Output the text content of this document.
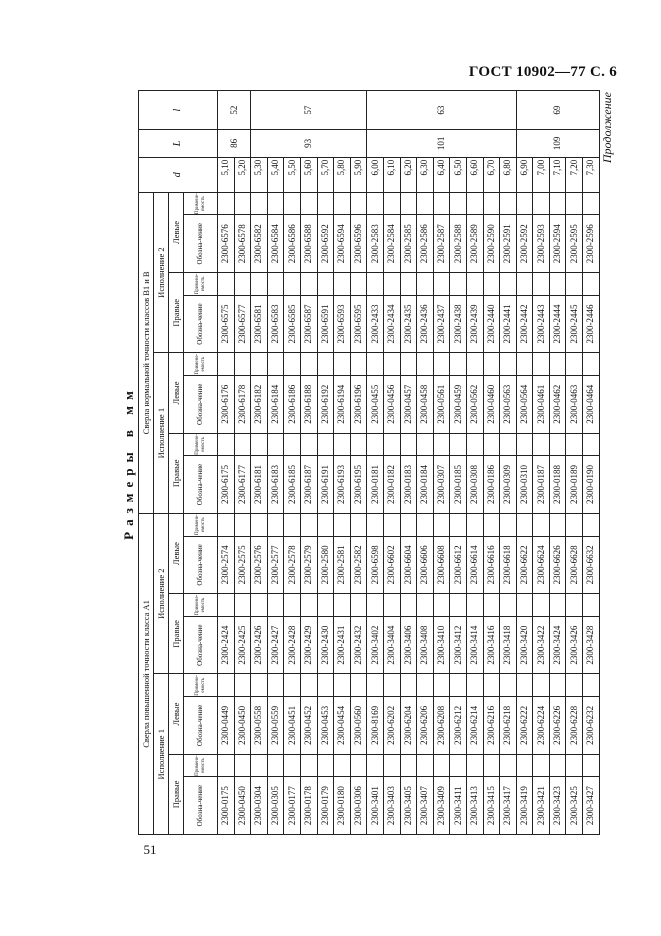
ГОСТ 10902—77 С. 6
Продолжение
51
Размеры в мм
Сверла повышенной точности класса А1								Сверла нормальной точности классов В1 и В								d	L	l
Исполнение 1				Исполнение 2				Исполнение 1				Исполнение 2						
Правые		Левые		Правые		Левые		Правые		Левые		Правые		Левые				
Обозна-чение	Примене-емость	Обозна-чение	Примене-емость	Обозна-чение	Примене-емость	Обозна-чение	Примене-емость	Обозна-чение	Примене-емость	Обозна-чение	Примене-емость	Обозна-чение	Примене-емость	Обозна-чение	Примене-емость			
2300-0175		2300-0449		2300-2424		2300-2574		2300-6175		2300-6176		2300-6575		2300-6576		5,10	86	52
2300-0450		2300-0450		2300-2425		2300-2575		2300-6177		2300-6178		2300-6577		2300-6578		5,20		
2300-0304		2300-0558		2300-2426		2300-2576		2300-6181		2300-6182		2300-6581		2300-6582		5,30	93	57
2300-0305		2300-0559		2300-2427		2300-2577		2300-6183		2300-6184		2300-6583		2300-6584		5,40		
2300-0177		2300-0451		2300-2428		2300-2578		2300-6185		2300-6186		2300-6585		2300-6586		5,50		
2300-0178		2300-0452		2300-2429		2300-2579		2300-6187		2300-6188		2300-6587		2300-6588		5,60		
2300-0179		2300-0453		2300-2430		2300-2580		2300-6191		2300-6192		2300-6591		2300-6592		5,70		
2300-0180		2300-0454		2300-2431		2300-2581		2300-6193		2300-6194		2300-6593		2300-6594		5,80		
2300-0306		2300-0560		2300-2432		2300-2582		2300-6195		2300-6196		2300-6595		2300-6596		5,90		
2300-3401		2300-8169		2300-3402		2300-6598		2300-0181		2300-0455		2300-2433		2300-2583		6,00	101	63
2300-3403		2300-6202		2300-3404		2300-6602		2300-0182		2300-0456		2300-2434		2300-2584		6,10		
2300-3405		2300-6204		2300-3406		2300-6604		2300-0183		2300-0457		2300-2435		2300-2585		6,20		
2300-3407		2300-6206		2300-3408		2300-6606		2300-0184		2300-0458		2300-2436		2300-2586		6,30		
2300-3409		2300-6208		2300-3410		2300-6608		2300-0307		2300-0561		2300-2437		2300-2587		6,40		
2300-3411		2300-6212		2300-3412		2300-6612		2300-0185		2300-0459		2300-2438		2300-2588		6,50		
2300-3413		2300-6214		2300-3414		2300-6614		2300-0308		2300-0562		2300-2439		2300-2589		6,60		
2300-3415		2300-6216		2300-3416		2300-6616		2300-0186		2300-0460		2300-2440		2300-2590		6,70		
2300-3417		2300-6218		2300-3418		2300-6618		2300-0309		2300-0563		2300-2441		2300-2591		6,80		
2300-3419		2300-6222		2300-3420		2300-6622		2300-0310		2300-0564		2300-2442		2300-2592		6,90	109	69
2300-3421		2300-6224		2300-3422		2300-6624		2300-0187		2300-0461		2300-2443		2300-2593		7,00		
2300-3423		2300-6226		2300-3424		2300-6626		2300-0188		2300-0462		2300-2444		2300-2594		7,10		
2300-3425		2300-6228		2300-3426		2300-6628		2300-0189		2300-0463		2300-2445		2300-2595		7,20		
2300-3427		2300-6232		2300-3428		2300-6632		2300-0190		2300-0464		2300-2446		2300-2596		7,30		
